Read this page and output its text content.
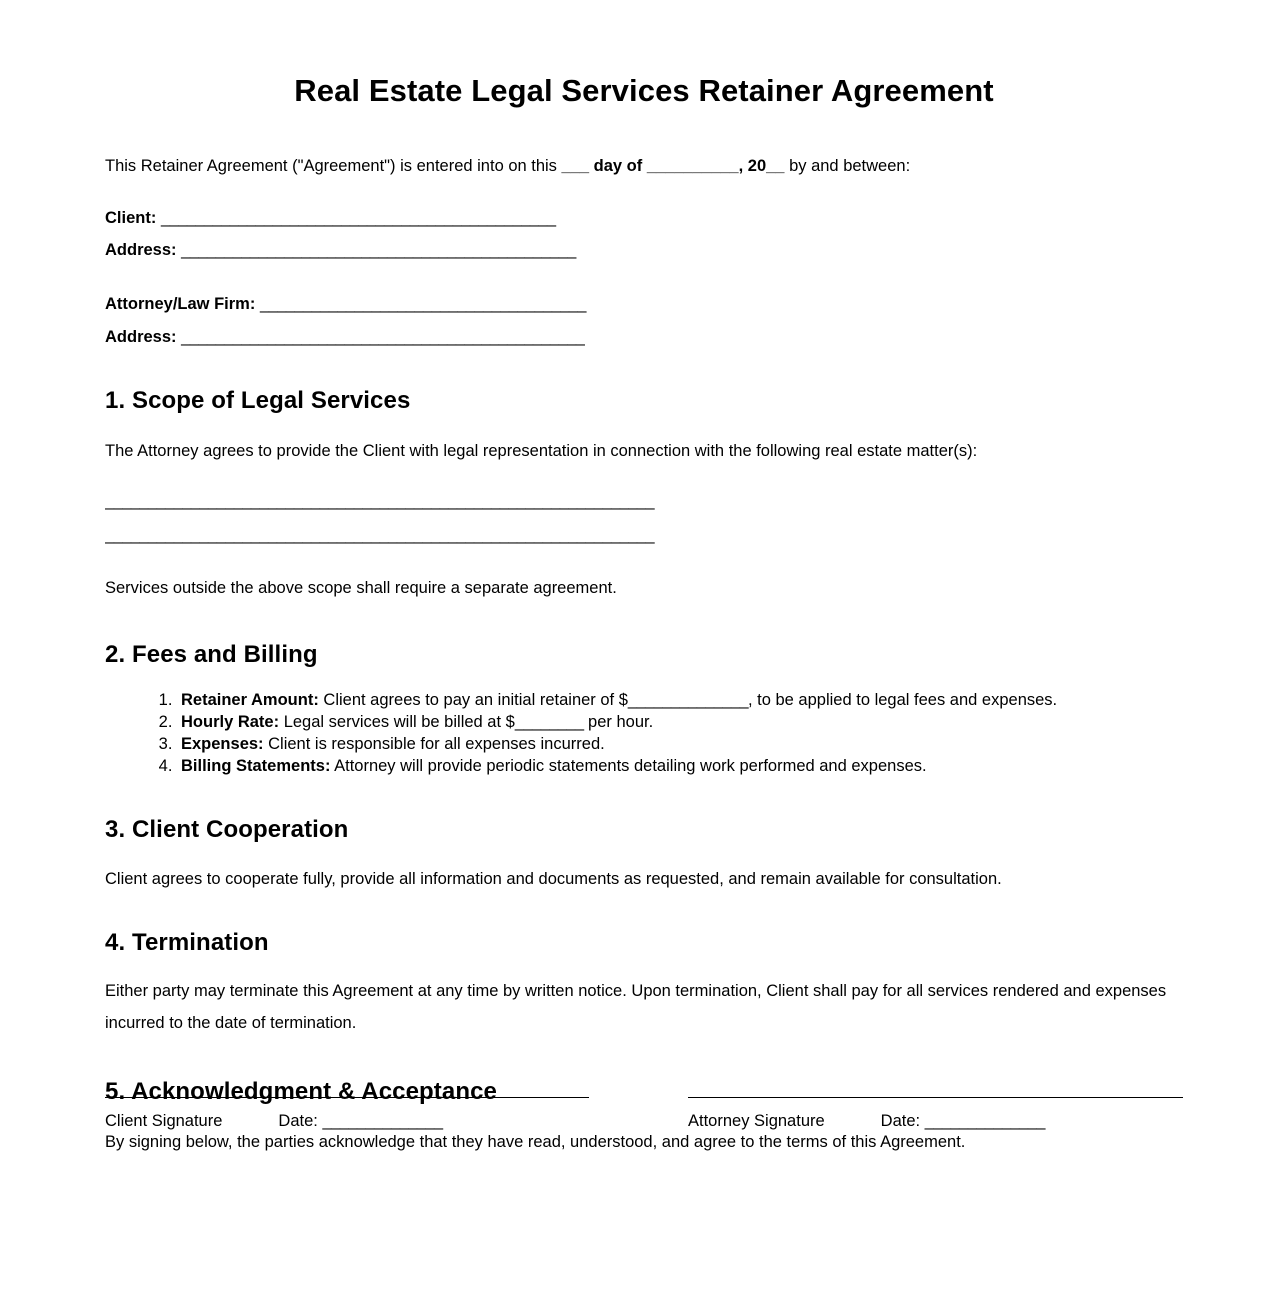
Real Estate Legal Services Retainer Agreement

This Retainer Agreement ("Agreement") is entered into on this ___ day of __________, 20__ by and between:

Client: ______________________________________________
Address: ______________________________________________
Attorney/Law Firm: ______________________________________
Address: _______________________________________________
1. Scope of Legal Services

The Attorney agrees to provide the Client with legal representation in connection with the following real estate matter(s):

________________________________________________________________
________________________________________________________________

Services outside the above scope shall require a separate agreement.

2. Fees and Billing
1. Retainer Amount: Client agrees to pay an initial retainer of $______________, to be applied to legal fees and expenses.
2. Hourly Rate: Legal services will be billed at $________ per hour.
3. Expenses: Client is responsible for all expenses incurred.
4. Billing Statements: Attorney will provide periodic statements detailing work performed and expenses.
3. Client Cooperation

Client agrees to cooperate fully, provide all information and documents as requested, and remain available for consultation.

4. Termination

Either party may terminate this Agreement at any time by written notice. Upon termination, Client shall pay for all services rendered and expenses incurred to the date of termination.

5. Acknowledgment & Acceptance

By signing below, the parties acknowledge that they have read, understood, and agree to the terms of this Agreement.

Client Signature	Date: ______________	Attorney Signature	Date: ______________
